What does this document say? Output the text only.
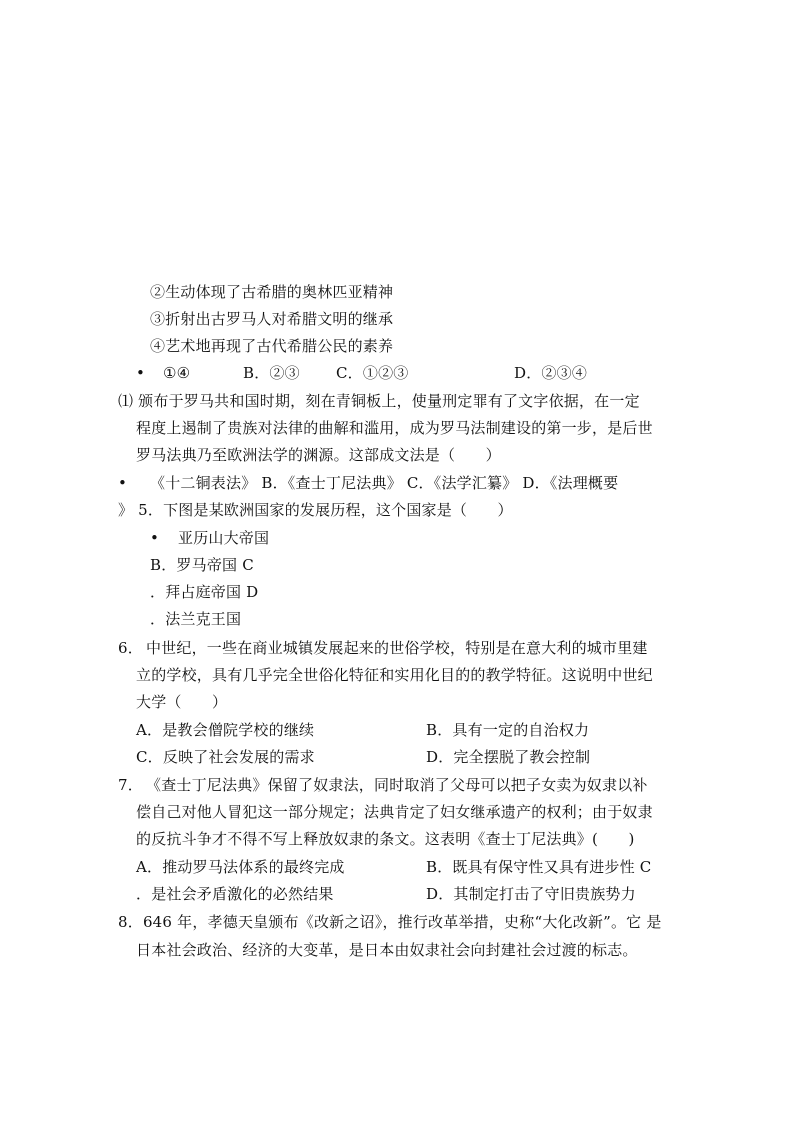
②生动体现了古希腊的奥林匹亚精神
③折射出古罗马人对希腊文明的继承
④艺术地再现了古代希腊公民的素养
• ①④	B．②③ C．①②③	D．②③④
⑴ 颁布于罗马共和国时期，刻在青铜板上，使量刑定罪有了文字依据，在一定
程度上遏制了贵族对法律的曲解和滥用，成为罗马法制建设的第一步，是后世
罗马法典乃至欧洲法学的渊源。这部成文法是（　　）
• 《十二铜表法》 B．《查士丁尼法典》 C．《法学汇纂》 D．《法理概要
》 5．下图是某欧洲国家的发展历程，这个国家是（　　）
• 亚历山大帝国
B．罗马帝国 C
．拜占庭帝国 D
．法兰克王国
6． 中世纪，一些在商业城镇发展起来的世俗学校，特别是在意大利的城市里建
立的学校，具有几乎完全世俗化特征和实用化目的的教学特征。这说明中世纪
大学（　　）
A．是教会僧院学校的继续	B．具有一定的自治权力
C．反映了社会发展的需求	D．完全摆脱了教会控制
7． 《查士丁尼法典》保留了奴隶法，同时取消了父母可以把子女卖为奴隶以补
偿自己对他人冒犯这一部分规定；法典肯定了妇女继承遗产的权利；由于奴隶
的反抗斗争才不得不写上释放奴隶的条文。这表明《查士丁尼法典》(　　)
A．推动罗马法体系的最终完成	B．既具有保守性又具有进步性 C
．是社会矛盾激化的必然结果	D．其制定打击了守旧贵族势力
8．646 年，孝德天皇颁布《改新之诏》，推行改革举措，史称“大化改新”。它 是
日本社会政治、经济的大变革，是日本由奴隶社会向封建社会过渡的标志。
